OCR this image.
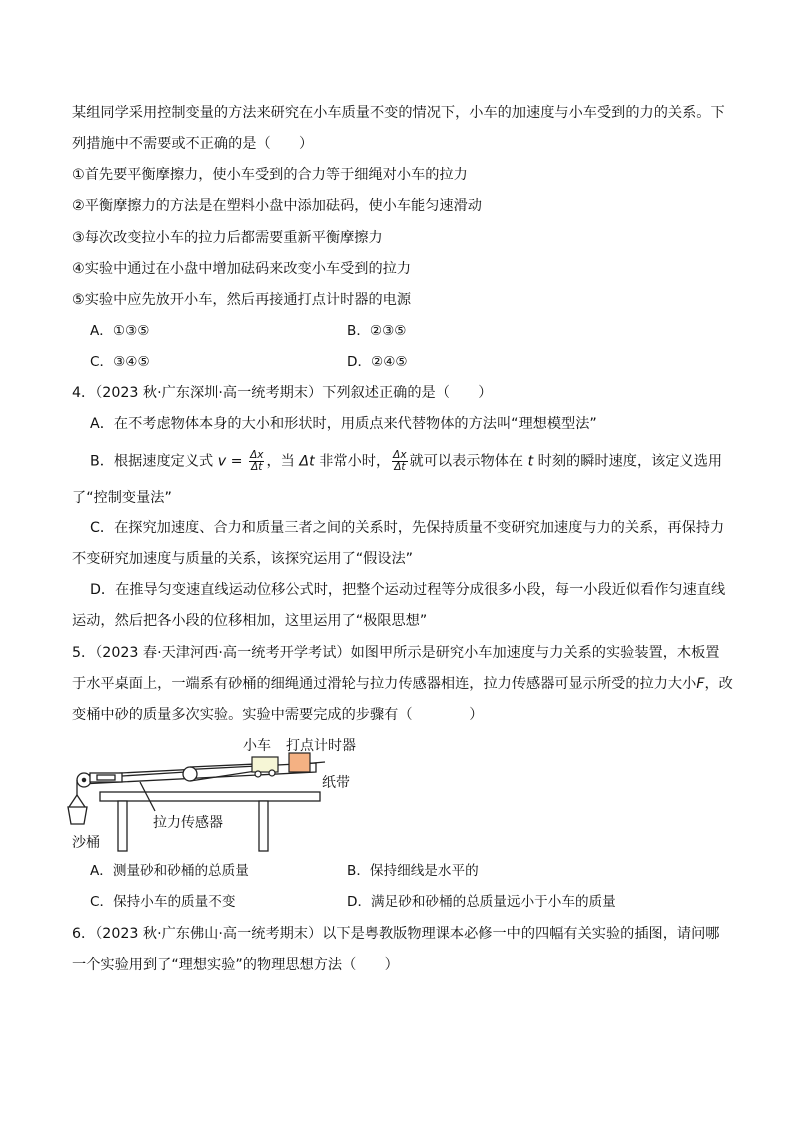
某组同学采用控制变量的方法来研究在小车质量不变的情况下，小车的加速度与小车受到的力的关系。下
列措施中不需要或不正确的是（　　）
①首先要平衡摩擦力，使小车受到的合力等于细绳对小车的拉力
②平衡摩擦力的方法是在塑料小盘中添加砝码，使小车能匀速滑动
③每次改变拉小车的拉力后都需要重新平衡摩擦力
④实验中通过在小盘中增加砝码来改变小车受到的拉力
⑤实验中应先放开小车，然后再接通打点计时器的电源
A．①③⑤	B．②③⑤
C．③④⑤	D．②④⑤
4．（2023 秋·广东深圳·高一统考期末）下列叙述正确的是（　　）
A．在不考虑物体本身的大小和形状时，用质点来代替物体的方法叫“理想模型法”
B．根据速度定义式 $v = \frac{\Delta x}{\Delta t}$ ，当 Δt 非常小时， $\frac{\Delta x}{\Delta t}$ 就可以表示物体在 t 时刻的瞬时速度，该定义选用
了“控制变量法”
C．在探究加速度、合力和质量三者之间的关系时，先保持质量不变研究加速度与力的关系，再保持力
不变研究加速度与质量的关系，该探究运用了“假设法”
D．在推导匀变速直线运动位移公式时，把整个运动过程等分成很多小段，每一小段近似看作匀速直线
运动，然后把各小段的位移相加，这里运用了“极限思想”
5．（2023 春·天津河西·高一统考开学考试）如图甲所示是研究小车加速度与力关系的实验装置，木板置
于水平桌面上，一端系有砂桶的细绳通过滑轮与拉力传感器相连，拉力传感器可显示所受的拉力大小F，改
变桶中砂的质量多次实验。实验中需要完成的步骤有（　　　　）
小车 打点计时器
纸带
拉力传感器
沙桶
A．测量砂和砂桶的总质量	B．保持细线是水平的
C．保持小车的质量不变	D．满足砂和砂桶的总质量远小于小车的质量
6．（2023 秋·广东佛山·高一统考期末）以下是粤教版物理课本必修一中的四幅有关实验的插图，请问哪
一个实验用到了“理想实验”的物理思想方法（　　）
